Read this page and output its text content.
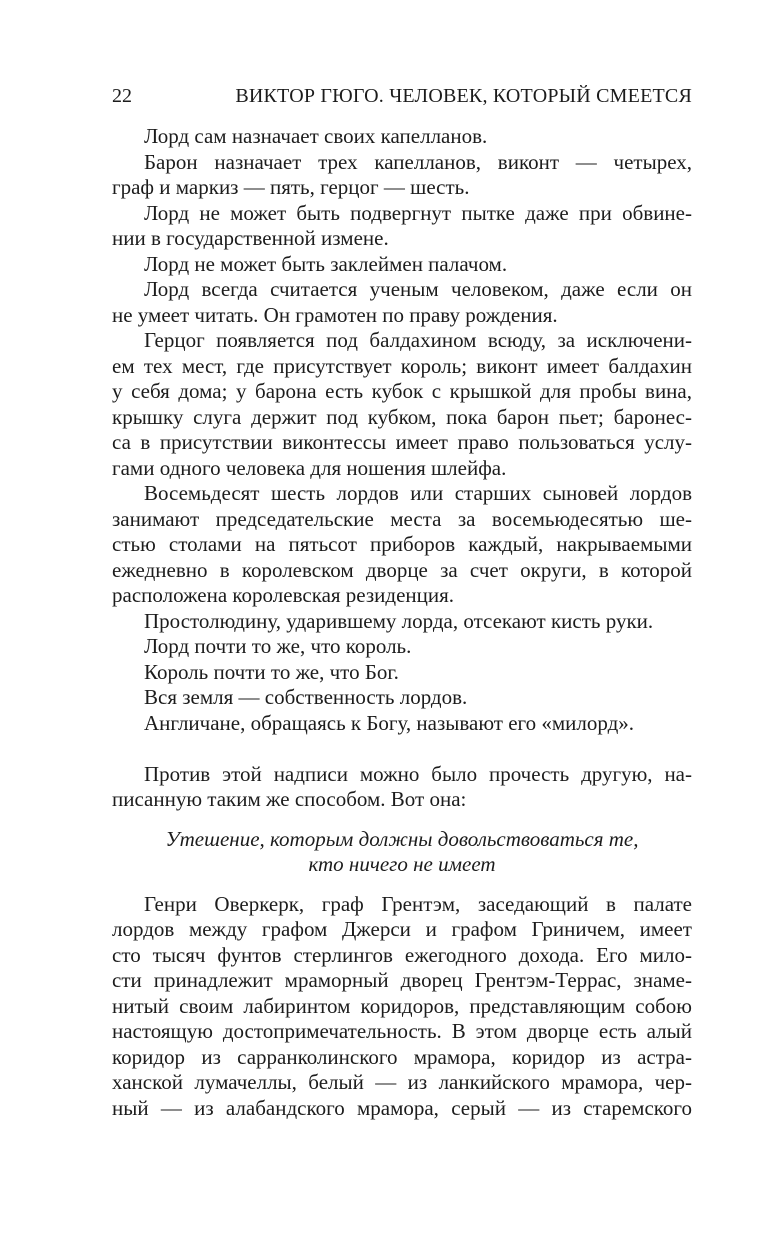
22	ВИКТОР ГЮГО. ЧЕЛОВЕК, КОТОРЫЙ СМЕЕТСЯ
Лорд сам назначает своих капелланов.
Барон назначает трех капелланов, виконт — четырех,
граф и маркиз — пять, герцог — шесть.
Лорд не может быть подвергнут пытке даже при обвине-
нии в государственной измене.
Лорд не может быть заклеймен палачом.
Лорд всегда считается ученым человеком, даже если он
не умеет читать. Он грамотен по праву рождения.
Герцог появляется под балдахином всюду, за исключени-
ем тех мест, где присутствует король; виконт имеет балдахин
у себя дома; у барона есть кубок с крышкой для пробы вина,
крышку слуга держит под кубком, пока барон пьет; баронес-
са в присутствии виконтессы имеет право пользоваться услу-
гами одного человека для ношения шлейфа.
Восемьдесят шесть лордов или старших сыновей лордов
занимают председательские места за восемьюдесятью ше-
стью столами на пятьсот приборов каждый, накрываемыми
ежедневно в королевском дворце за счет округи, в которой
расположена королевская резиденция.
Простолюдину, ударившему лорда, отсекают кисть руки.
Лорд почти то же, что король.
Король почти то же, что Бог.
Вся земля — собственность лордов.
Англичане, обращаясь к Богу, называют его «милорд».
Против этой надписи можно было прочесть другую, на-
писанную таким же способом. Вот она:
Утешение, которым должны довольствоваться те,
кто ничего не имеет
Генри Оверкерк, граф Грентэм, заседающий в палате
лордов между графом Джерси и графом Гриничем, имеет
сто тысяч фунтов стерлингов ежегодного дохода. Его мило-
сти принадлежит мраморный дворец Грентэм-Террас, знаме-
нитый своим лабиринтом коридоров, представляющим собою
настоящую достопримечательность. В этом дворце есть алый
коридор из сарранколинского мрамора, коридор из астра-
ханской лумачеллы, белый — из ланкийского мрамора, чер-
ный — из алабандского мрамора, серый — из старемского
